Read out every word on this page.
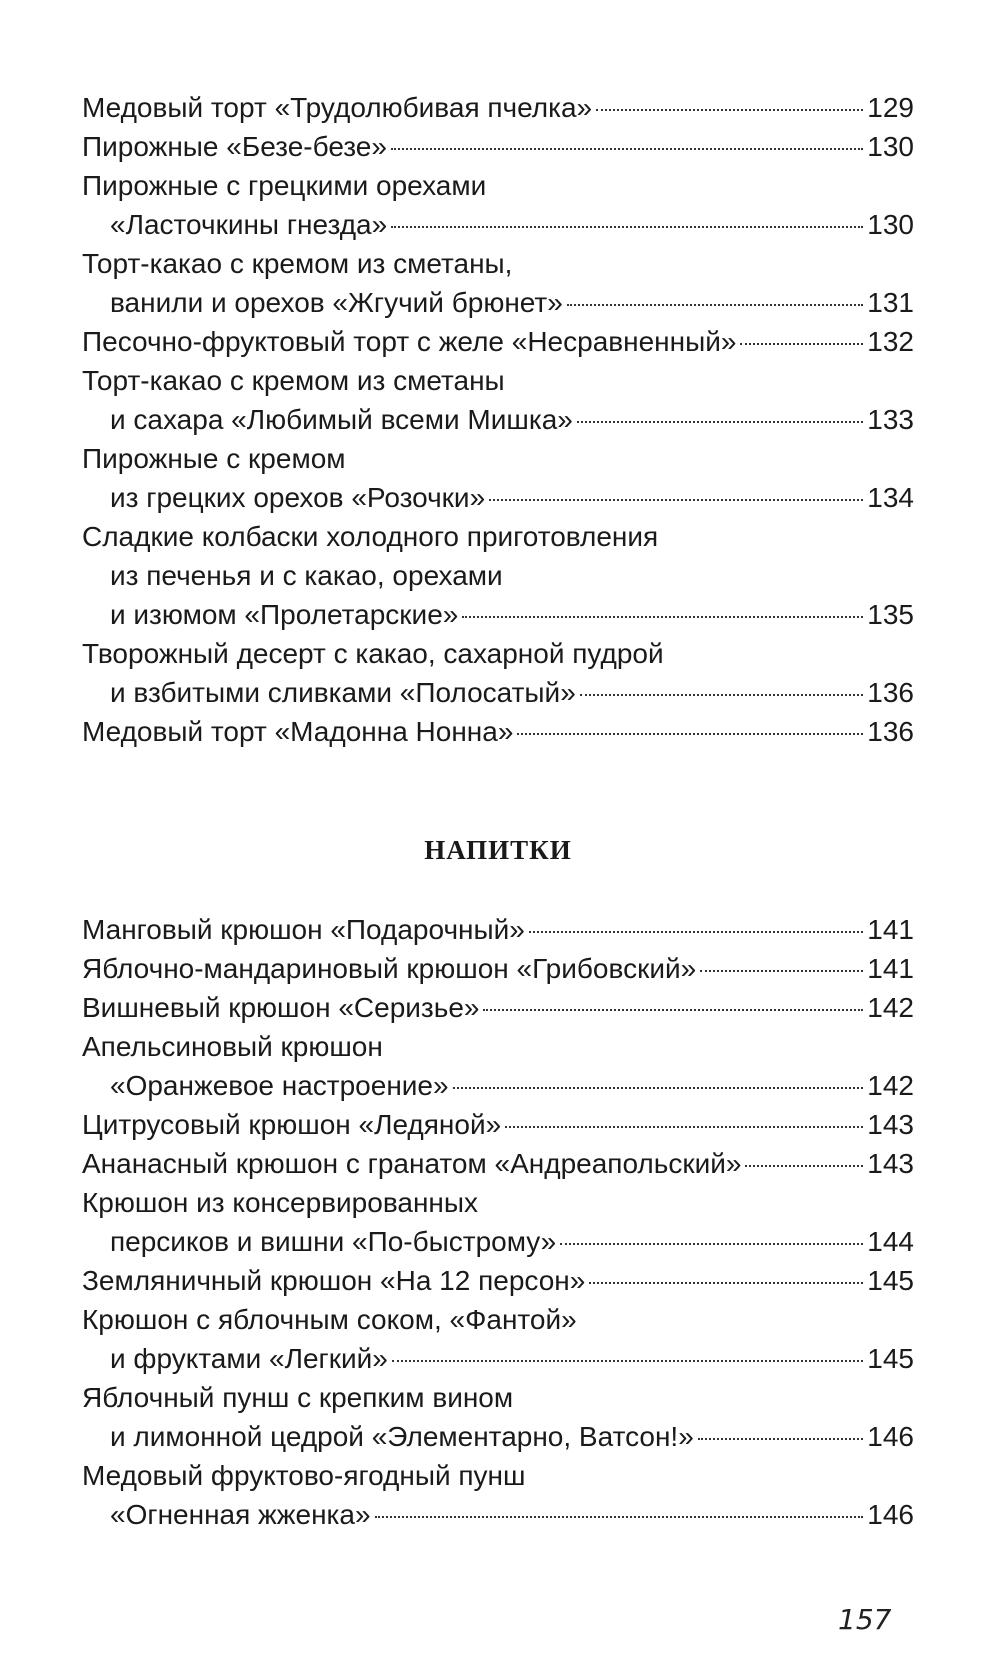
Медовый торт «Трудолюбивая пчелка»	129
Пирожные «Безе-безе»	130
Пирожные с грецкими орехами
«Ласточкины гнезда»	130
Торт-какао с кремом из сметаны,
ванили и орехов «Жгучий брюнет»	131
Песочно-фруктовый торт с желе «Несравненный»	132
Торт-какао с кремом из сметаны
и сахара «Любимый всеми Мишка»	133
Пирожные с кремом
из грецких орехов «Розочки»	134
Сладкие колбаски холодного приготовления
из печенья и с какао, орехами
и изюмом «Пролетарские»	135
Творожный десерт с какао, сахарной пудрой
и взбитыми сливками «Полосатый»	136
Медовый торт «Мадонна Нонна»	136
НАПИТКИ
Манговый крюшон «Подарочный»	141
Яблочно-мандариновый крюшон «Грибовский»	141
Вишневый крюшон «Серизье»	142
Апельсиновый крюшон
«Оранжевое настроение»	142
Цитрусовый крюшон «Ледяной»	143
Ананасный крюшон с гранатом «Андреапольский»	143
Крюшон из консервированных
персиков и вишни «По-быстрому»	144
Земляничный крюшон «На 12 персон»	145
Крюшон с яблочным соком, «Фантой»
и фруктами «Легкий»	145
Яблочный пунш с крепким вином
и лимонной цедрой «Элементарно, Ватсон!»	146
Медовый фруктово-ягодный пунш
«Огненная жженка»	146
157
